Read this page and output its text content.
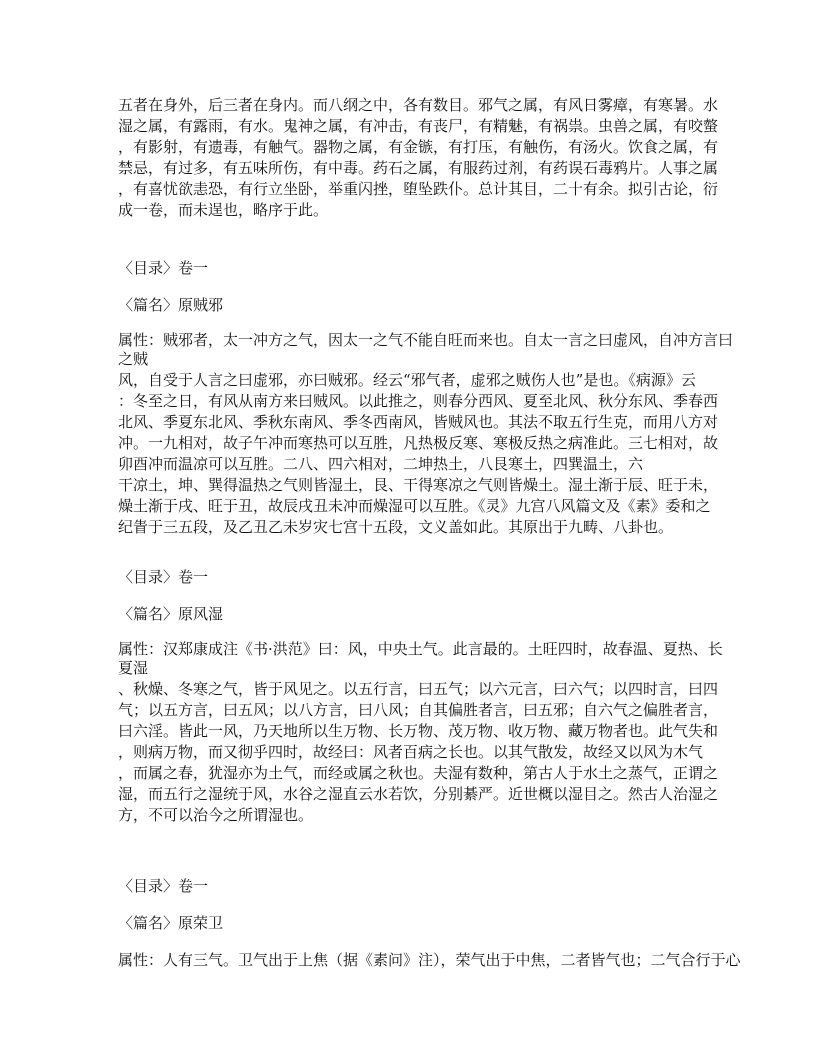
五者在身外，后三者在身内。而八纲之中，各有数目。邪气之属，有风日雾瘴，有寒暑。水
湿之属，有露雨，有水。鬼神之属，有冲击，有丧尸，有精魅，有祸祟。虫兽之属，有咬螫
，有影射，有遗毒，有触气。器物之属，有金镞，有打压，有触伤，有汤火。饮食之属，有
禁忌，有过多，有五味所伤，有中毒。药石之属，有服药过剂，有药误石毒鸦片。人事之属
，有喜忧欲恚恐，有行立坐卧，举重闪挫，堕坠跌仆。总计其目，二十有余。拟引古论，衍
成一卷，而未逞也，略序于此。
〈目录〉卷一
〈篇名〉原贼邪
属性：贼邪者，太一冲方之气，因太一之气不能自旺而来也。自太一言之曰虚风，自冲方言曰
之贼
风，自受于人言之曰虚邪，亦曰贼邪。经云“邪气者，虚邪之贼伤人也”是也。《病源》云
：冬至之日，有风从南方来曰贼风。以此推之，则春分西风、夏至北风、秋分东风、季春西
北风、季夏东北风、季秋东南风、季冬西南风，皆贼风也。其法不取五行生克，而用八方对
冲。一九相对，故子午冲而寒热可以互胜，凡热极反寒、寒极反热之病准此。三七相对，故
卯酉冲而温凉可以互胜。二八、四六相对，二坤热土，八艮寒土，四巽温土，六
干凉土，坤、巽得温热之气则皆湿土，艮、干得寒凉之气则皆燥土。湿土渐于辰、旺于未，
燥土渐于戌、旺于丑，故辰戌丑未冲而燥湿可以互胜。《灵》九宫八风篇文及《素》委和之
纪眚于三五段，及乙丑乙未岁灾七宫十五段，文义盖如此。其原出于九畴、八卦也。
〈目录〉卷一
〈篇名〉原风湿
属性：汉郑康成注《书·洪范》曰：风，中央土气。此言最的。土旺四时，故春温、夏热、长
夏湿
、秋燥、冬寒之气，皆于风见之。以五行言，曰五气；以六元言，曰六气；以四时言，曰四
气；以五方言，曰五风；以八方言，曰八风；自其偏胜者言，曰五邪；自六气之偏胜者言，
曰六淫。皆此一风，乃天地所以生万物、长万物、茂万物、收万物、藏万物者也。此气失和
，则病万物，而又彻乎四时，故经曰：风者百病之长也。以其气散发，故经又以风为木气
，而属之春，犹湿亦为土气，而经或属之秋也。夫湿有数种，第古人于水土之蒸气，正谓之
湿，而五行之湿统于风，水谷之湿直云水若饮，分别綦严。近世概以湿目之。然古人治湿之
方，不可以治今之所谓湿也。
〈目录〉卷一
〈篇名〉原荣卫
属性：人有三气。卫气出于上焦（据《素问》注），荣气出于中焦，二者皆气也；二气合行于心
